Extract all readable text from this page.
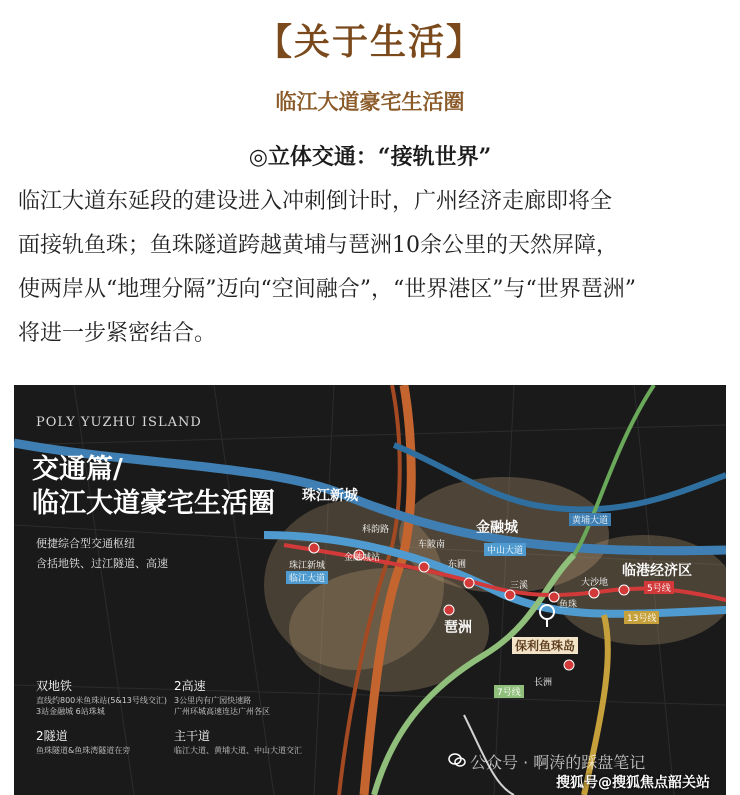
【关于生活】
临江大道豪宅生活圈
◎立体交通：“接轨世界”
临江大道东延段的建设进入冲刺倒计时，广州经济走廊即将全
面接轨鱼珠；鱼珠隧道跨越黄埔与琶洲10余公里的天然屏障，
使两岸从“地理分隔”迈向“空间融合”，“世界港区”与“世界琶洲”
将进一步紧密结合。
POLY YUZHU ISLAND
交通篇/
临江大道豪宅生活圈
便捷综合型交通枢纽
含括地铁、过江隧道、高速
双地铁
直线约800米鱼珠站(5&13号线交汇)
3站金融城 6站珠城
2高速
3公里内有广园快速路
广州环城高速连达广州各区
2隧道
鱼珠隧道&鱼珠湾隧道在旁
主干道
临江大道、黄埔大道、中山大道交汇
珠江新城
金融城
琶洲
临港经济区
科韵路
车陂南
金融城站
珠江新城	东圃
三溪
鱼珠
大沙地
长洲
黄埔大道
中山大道
临江大道
13号线
5号线
7号线
保利鱼珠岛
公众号 · 啊涛的踩盘笔记
搜狐号@搜狐焦点韶关站
